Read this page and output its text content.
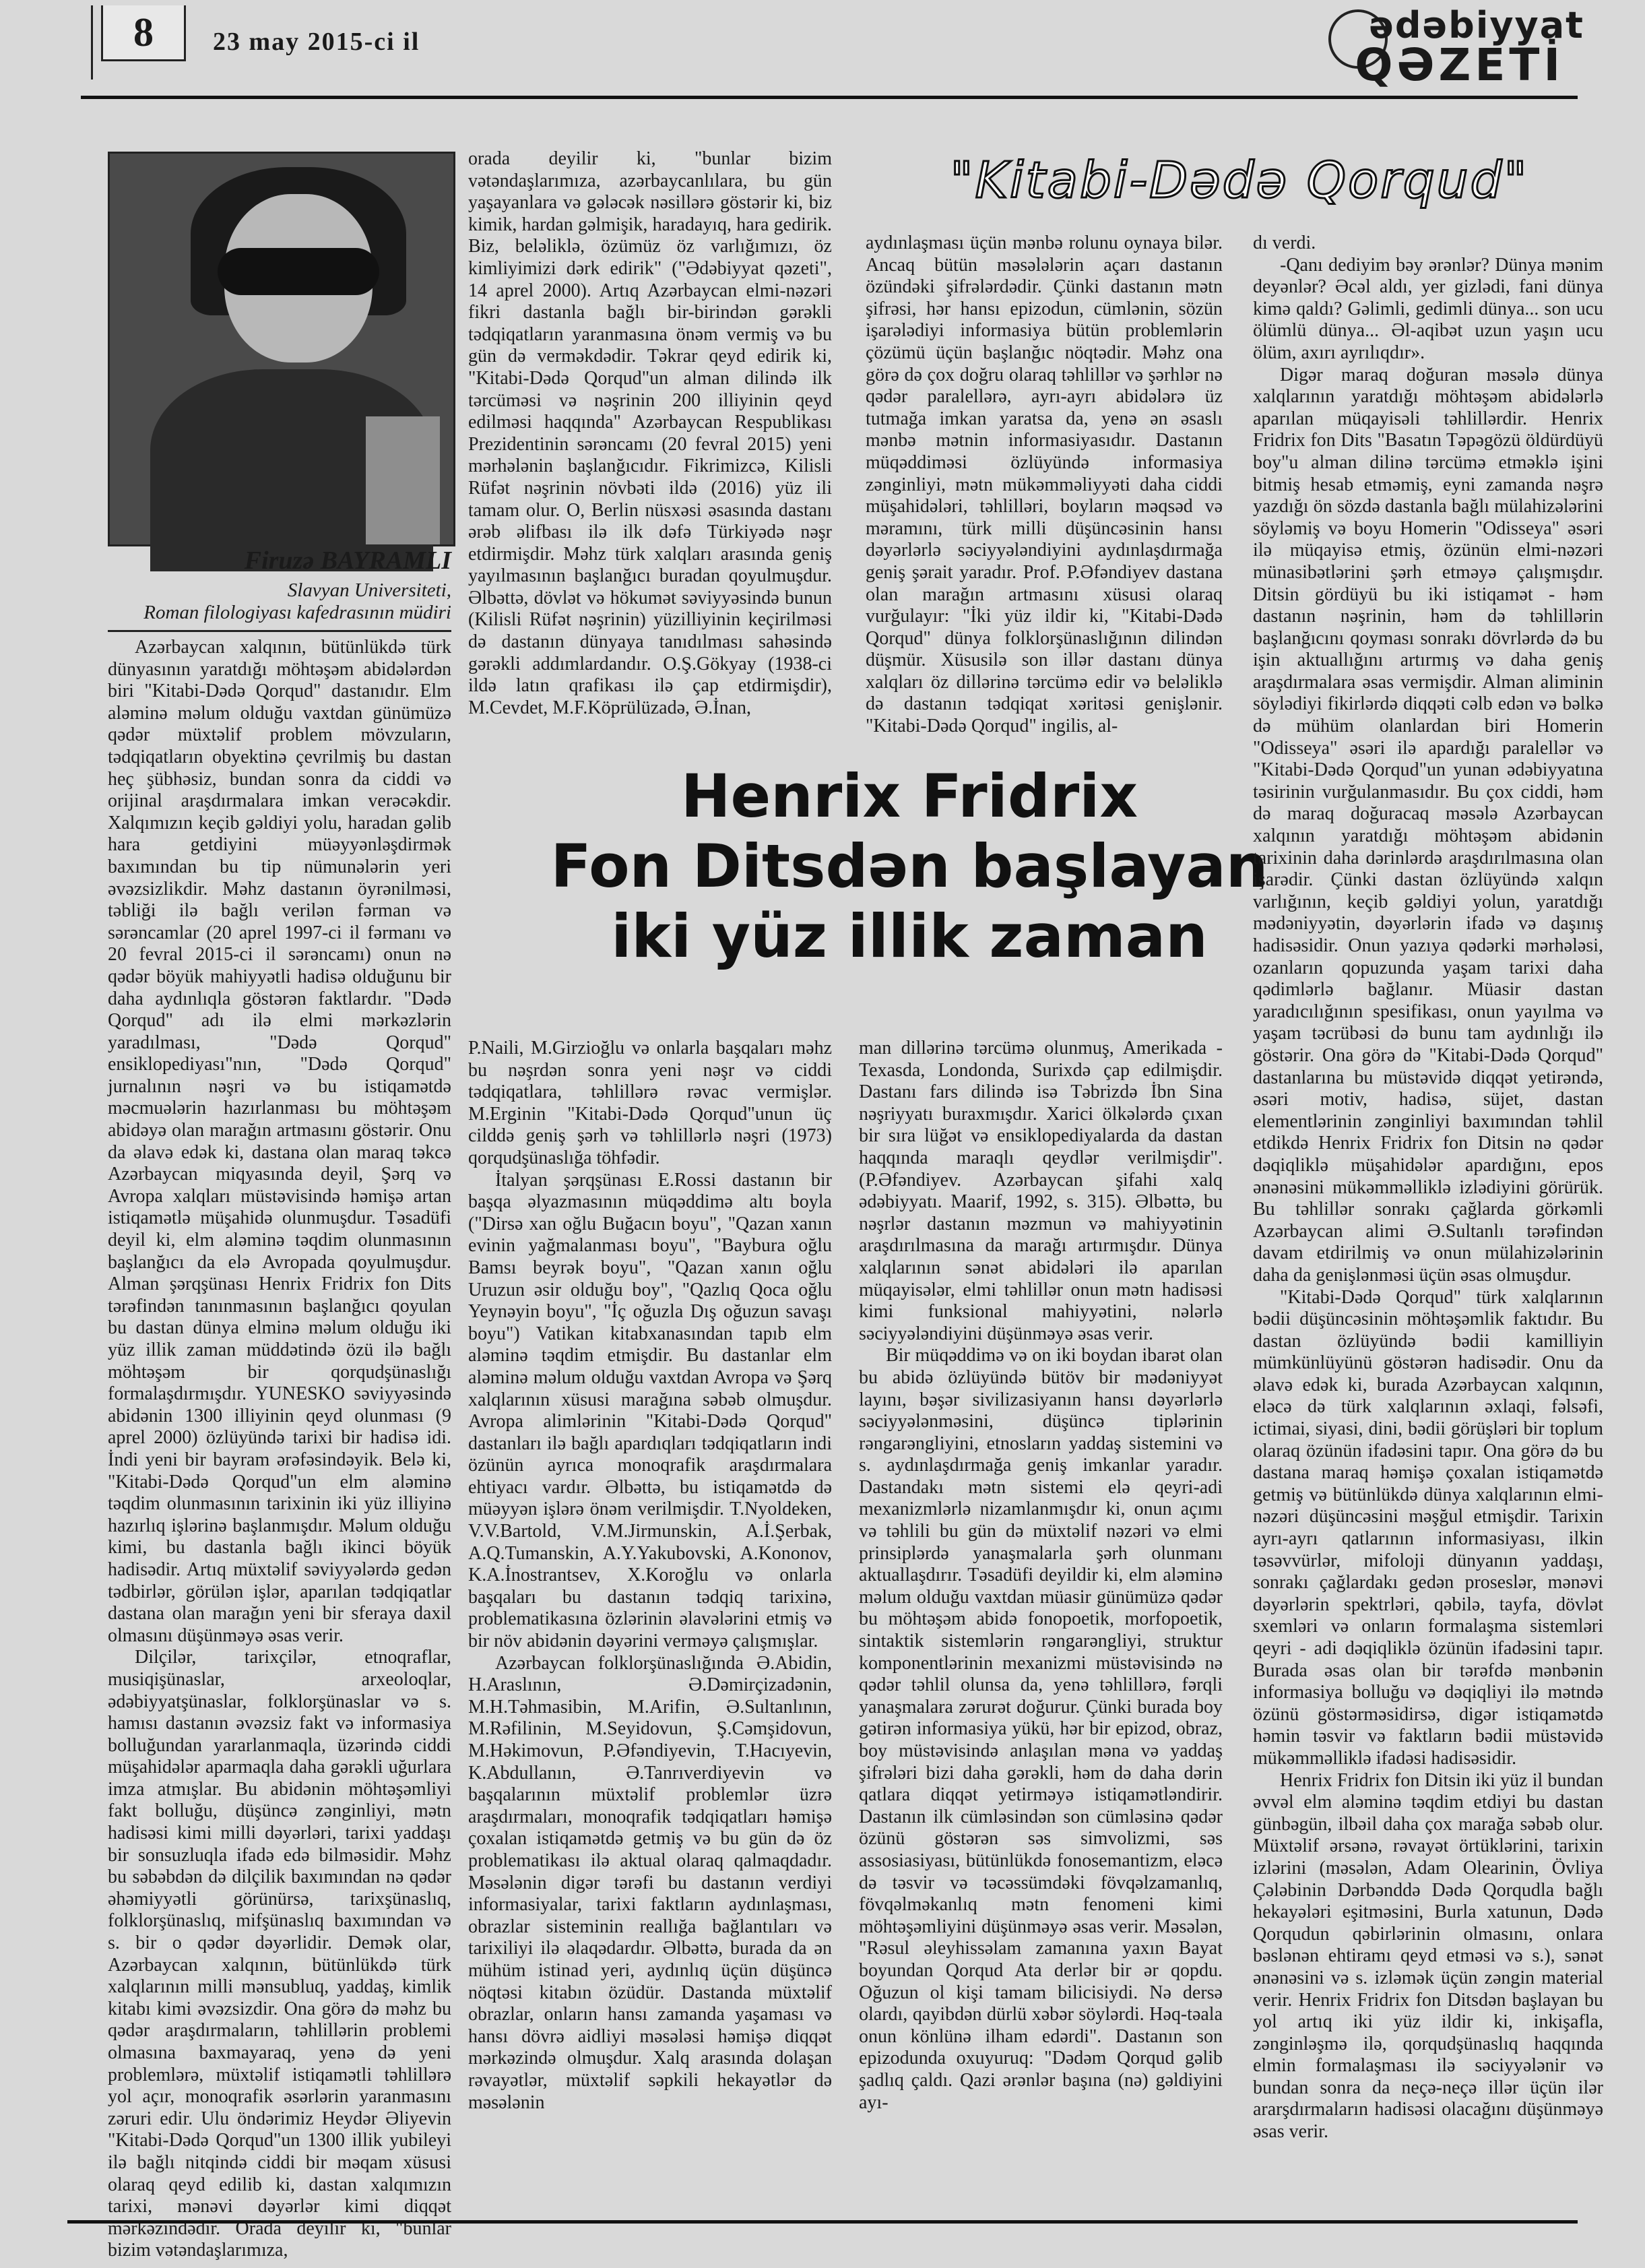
8	23 may 2015-ci il	ədəbiyyat
QƏZETİ
Firuzə BAYRAMLI
Slavyan Universiteti,
Roman filologiyası kafedrasının müdiri
"Kitabi-Dədə Qorqud"

Azərbaycan xalqının, bütünlükdə türk dünyasının yaratdığı möhtəşəm abidələrdən biri "Kitabi-Dədə Qorqud" dastanıdır. Elm aləminə məlum olduğu vaxtdan günümüzə qədər müxtəlif problem mövzuların, tədqiqatların obyektinə çevrilmiş bu dastan heç şübhəsiz, bundan sonra da ciddi və orijinal araşdırmalara imkan verəcəkdir. Xalqımızın keçib gəldiyi yolu, haradan gəlib hara getdiyini müəyyənləşdirmək baxımından bu tip nümunələrin yeri əvəzsizlikdir. Məhz dastanın öyrənilməsi, təbliği ilə bağlı verilən fərman və sərəncamlar (20 aprel 1997-ci il fərmanı və 20 fevral 2015-ci il sərəncamı) onun nə qədər böyük mahiyyətli hadisə olduğunu bir daha aydınlıqla göstərən faktlardır. "Dədə Qorqud" adı ilə elmi mərkəzlərin yaradılması, "Dədə Qorqud" ensiklopediyası"nın, "Dədə Qorqud" jurnalının nəşri və bu istiqamətdə məcmuələrin hazırlanması bu möhtəşəm abidəyə olan marağın artmasını göstərir. Onu da əlavə edək ki, dastana olan maraq təkcə Azərbaycan miqyasında deyil, Şərq və Avropa xalqları müstəvisində həmişə artan istiqamətlə müşahidə olunmuşdur. Təsadüfi deyil ki, elm aləminə təqdim olunmasının başlanğıcı da elə Avropada qoyulmuşdur. Alman şərqşünası Henrix Fridrix fon Dits tərəfindən tanınmasının başlanğıcı qoyulan bu dastan dünya elminə məlum olduğu iki yüz illik zaman müddətində özü ilə bağlı möhtəşəm bir qorqudşünaslığı formalaşdırmışdır. YUNESKO səviyyəsində abidənin 1300 illiyinin qeyd olunması (9 aprel 2000) özlüyündə tarixi bir hadisə idi. İndi yeni bir bayram ərəfəsindəyik. Belə ki, "Kitabi-Dədə Qorqud"un elm aləminə təqdim olunmasının tarixinin iki yüz illiyinə hazırlıq işlərinə başlanmışdır. Məlum olduğu kimi, bu dastanla bağlı ikinci böyük hadisədir. Artıq müxtəlif səviyyələrdə gedən tədbirlər, görülən işlər, aparılan tədqiqatlar dastana olan marağın yeni bir sferaya daxil olmasını düşünməyə əsas verir.

Dilçilər, tarixçilər, etnoqraflar, musiqişünaslar, arxeoloqlar, ədəbiyyatşünaslar, folklorşünaslar və s. hamısı dastanın əvəzsiz fakt və informasiya bolluğundan yararlanmaqla, üzərində ciddi müşahidələr aparmaqla daha gərəkli uğurlara imza atmışlar. Bu abidənin möhtəşəmliyi fakt bolluğu, düşüncə zənginliyi, mətn hadisəsi kimi milli dəyərləri, tarixi yaddaşı bir sonsuzluqla ifadə edə bilməsidir. Məhz bu səbəbdən də dilçilik baxımından nə qədər əhəmiyyətli görünürsə, tarixşünaslıq, folklorşünaslıq, mifşünaslıq baxımından və s. bir o qədər dəyərlidir. Demək olar, Azərbaycan xalqının, bütünlükdə türk xalqlarının milli mənsubluq, yaddaş, kimlik kitabı kimi əvəzsizdir. Ona görə də məhz bu qədər araşdırmaların, təhlillərin problemi olmasına baxmayaraq, yenə də yeni problemlərə, müxtəlif istiqamətli təhlillərə yol açır, monoqrafik əsərlərin yaranmasını zəruri edir. Ulu öndərimiz Heydər Əliyevin "Kitabi-Dədə Qorqud"un 1300 illik yubileyi ilə bağlı nitqində ciddi bir məqam xüsusi olaraq qeyd edilib ki, dastan xalqımızın tarixi, mənəvi dəyərlər kimi diqqət mərkəzindədir. Orada deyilir ki, "bunlar bizim vətəndaşlarımıza,

orada deyilir ki, "bunlar bizim vətəndaşlarımıza, azərbaycanlılara, bu gün yaşayanlara və gələcək nəsillərə göstərir ki, biz kimik, hardan gəlmişik, haradayıq, hara gedirik. Biz, beləliklə, özümüz öz varlığımızı, öz kimliyimizi dərk edirik" ("Ədəbiyyat qəzeti", 14 aprel 2000). Artıq Azərbaycan elmi-nəzəri fikri dastanla bağlı bir-birindən gərəkli tədqiqatların yaranmasına önəm vermiş və bu gün də verməkdədir. Təkrar qeyd edirik ki, "Kitabi-Dədə Qorqud"un alman dilində ilk tərcüməsi və nəşrinin 200 illiyinin qeyd edilməsi haqqında" Azərbaycan Respublikası Prezidentinin sərəncamı (20 fevral 2015) yeni mərhələnin başlanğıcıdır. Fikrimizcə, Kilisli Rüfət nəşrinin növbəti ildə (2016) yüz ili tamam olur. O, Berlin nüsxəsi əsasında dastanı ərəb əlifbası ilə ilk dəfə Türkiyədə nəşr etdirmişdir. Məhz türk xalqları arasında geniş yayılmasının başlanğıcı buradan qoyulmuşdur. Əlbəttə, dövlət və hökumət səviyyəsində bunun (Kilisli Rüfət nəşrinin) yüzilliyinin keçirilməsi də dastanın dünyaya tanıdılması sahəsində gərəkli addımlardandır. O.Ş.Gökyay (1938-ci ildə latın qrafikası ilə çap etdirmişdir), M.Cevdet, M.F.Köprülüzadə, Ə.İnan,

aydınlaşması üçün mənbə rolunu oynaya bilər. Ancaq bütün məsələlərin açarı dastanın özündəki şifrələrdədir. Çünki dastanın mətn şifrəsi, hər hansı epizodun, cümlənin, sözün işarələdiyi informasiya bütün problemlərin çözümü üçün başlanğıc nöqtədir. Məhz ona görə də çox doğru olaraq təhlillər və şərhlər nə qədər paralellərə, ayrı-ayrı abidələrə üz tutmağa imkan yaratsa da, yenə ən əsaslı mənbə mətnin informasiyasıdır. Dastanın müqəddiməsi özlüyündə informasiya zənginliyi, mətn mükəmməliyyəti daha ciddi müşahidələri, təhlilləri, boyların məqsəd və məramını, türk milli düşüncəsinin hansı dəyərlərlə səciyyələndiyini aydınlaşdırmağa geniş şərait yaradır. Prof. P.Əfəndiyev dastana olan marağın artmasını xüsusi olaraq vurğulayır: "İki yüz ildir ki, "Kitabi-Dədə Qorqud" dünya folklorşünaslığının dilindən düşmür. Xüsusilə son illər dastanı dünya xalqları öz dillərinə tərcümə edir və beləliklə də dastanın tədqiqat xəritəsi genişlənir. "Kitabi-Dədə Qorqud" ingilis, al-

Henrix Fridrix
Fon Ditsdən başlayan
iki yüz illik zaman

dı verdi.

-Qanı dediyim bəy ərənlər? Dünya mənim deyənlər? Əcəl aldı, yer gizlədi, fani dünya kimə qaldı? Gəlimli, gedimli dünya... son ucu ölümlü dünya... Əl-aqibət uzun yaşın ucu ölüm, axırı ayrılıqdır».

Digər maraq doğuran məsələ dünya xalqlarının yaratdığı möhtəşəm abidələrlə aparılan müqayisəli təhlillərdir. Henrix Fridrix fon Dits "Basatın Təpəgözü öldürdüyü boy"u alman dilinə tərcümə etməklə işini bitmiş hesab etməmiş, eyni zamanda nəşrə yazdığı ön sözdə dastanla bağlı mülahizələrini söyləmiş və boyu Homerin "Odisseya" əsəri ilə müqayisə etmiş, özünün elmi-nəzəri münasibətlərini şərh etməyə çalışmışdır. Ditsin gördüyü bu iki istiqamət - həm dastanın nəşrinin, həm də təhlillərin başlanğıcını qoyması sonrakı dövrlərdə də bu işin aktuallığını artırmış və daha geniş araşdırmalara əsas vermişdir. Alman aliminin söylədiyi fikirlərdə diqqəti cəlb edən və bəlkə də mühüm olanlardan biri Homerin "Odisseya" əsəri ilə apardığı paralellər və "Kitabi-Dədə Qorqud"un yunan ədəbiyyatına təsirinin vurğulanmasıdır. Bu çox ciddi, həm də maraq doğuracaq məsələ Azərbaycan xalqının yaratdığı möhtəşəm abidənin tarixinin daha dərinlərdə araşdırılmasına olan işarədir. Çünki dastan özlüyündə xalqın varlığının, keçib gəldiyi yolun, yaratdığı mədəniyyətin, dəyərlərin ifadə və daşınış hadisəsidir. Onun yazıya qədərki mərhələsi, ozanların qopuzunda yaşam tarixi daha qədimlərlə bağlanır. Müasir dastan yaradıcılığının spesifikası, onun yayılma və yaşam təcrübəsi də bunu tam aydınlığı ilə göstərir. Ona görə də "Kitabi-Dədə Qorqud" dastanlarına bu müstəvidə diqqət yetirəndə, əsəri motiv, hadisə, süjet, dastan elementlərinin zənginliyi baxımından təhlil etdikdə Henrix Fridrix fon Ditsin nə qədər dəqiqliklə müşahidələr apardığını, epos ənənəsini mükəmməlliklə izlədiyini görürük. Bu təhlillər sonrakı çağlarda görkəmli Azərbaycan alimi Ə.Sultanlı tərəfindən davam etdirilmiş və onun mülahizələrinin daha da genişlənməsi üçün əsas olmuşdur.

"Kitabi-Dədə Qorqud" türk xalqlarının bədii düşüncəsinin möhtəşəmlik faktıdır. Bu dastan özlüyündə bədii kamilliyin mümkünlüyünü göstərən hadisədir. Onu da əlavə edək ki, burada Azərbaycan xalqının, eləcə də türk xalqlarının əxlaqi, fəlsəfi, ictimai, siyasi, dini, bədii görüşləri bir toplum olaraq özünün ifadəsini tapır. Ona görə də bu dastana maraq həmişə çoxalan istiqamətdə getmiş və bütünlükdə dünya xalqlarının elmi-nəzəri düşüncəsini məşğul etmişdir. Tarixin ayrı-ayrı qatlarının informasiyası, ilkin təsəvvürlər, mifoloji dünyanın yaddaşı, sonrakı çağlardakı gedən proseslər, mənəvi dəyərlərin spektrləri, qəbilə, tayfa, dövlət sxemləri və onların formalaşma sistemləri qeyri - adi dəqiqliklə özünün ifadəsini tapır. Burada əsas olan bir tərəfdə mənbənin informasiya bolluğu və dəqiqliyi ilə mətndə özünü göstərməsidirsə, digər istiqamətdə həmin təsvir və faktların bədii müstəvidə mükəmməlliklə ifadəsi hadisəsidir.

Henrix Fridrix fon Ditsin iki yüz il bundan əvvəl elm aləminə təqdim etdiyi bu dastan günbəgün, ilbəil daha çox marağa səbəb olur. Müxtəlif ərsənə, rəvayət örtüklərini, tarixin izlərini (məsələn, Adam Olearinin, Övliya Çələbinin Dərbənddə Dədə Qorqudla bağlı hekayələri eşitməsini, Burla xatunun, Dədə Qorqudun qəbirlərinin olmasını, onlara bəslənən ehtiramı qeyd etməsi və s.), sənət ənənəsini və s. izləmək üçün zəngin material verir. Henrix Fridrix fon Ditsdən başlayan bu yol artıq iki yüz ildir ki, inkişafla, zənginləşmə ilə, qorqudşünaslıq haqqında elmin formalaşması ilə səciyyələnir və bundan sonra da neçə-neçə illər üçün ilər ararşdırmaların hadisəsi olacağını düşünməyə əsas verir.

P.Naili, M.Girzioğlu və onlarla başqaları məhz bu nəşrdən sonra yeni nəşr və ciddi tədqiqatlara, təhlillərə rəvac vermişlər. M.Erginin "Kitabi-Dədə Qorqud"unun üç cilddə geniş şərh və təhlillərlə nəşri (1973) qorqudşünaslığa töhfədir.

İtalyan şərqşünası E.Rossi dastanın bir başqa əlyazmasının müqəddimə altı boyla ("Dirsə xan oğlu Buğacın boyu", "Qazan xanın evinin yağmalanması boyu", "Bayburа oğlu Bamsı beyrək boyu", "Qazan xanın oğlu Uruzun əsir olduğu boy", "Qazlıq Qoca oğlu Yeynəyin boyu", "İç oğuzla Dış oğuzun savaşı boyu") Vatikan kitabxanasından tapıb elm aləminə təqdim etmişdir. Bu dastanlar elm aləminə məlum olduğu vaxtdan Avropa və Şərq xalqlarının xüsusi marağına səbəb olmuşdur. Avropa alimlərinin "Kitabi-Dədə Qorqud" dastanları ilə bağlı apardıqları tədqiqatların indi özünün ayrıca monoqrafik araşdırmalara ehtiyacı vardır. Əlbəttə, bu istiqamətdə də müəyyən işlərə önəm verilmişdir. T.Nyoldeken, V.V.Bartold, V.M.Jirmunskin, A.İ.Şerbak, A.Q.Tumanskin, A.Y.Yakubovski, A.Kononov, K.A.İnostrantsev, X.Koroğlu və onlarla başqaları bu dastanın tədqiq tarixinə, problematikasına özlərinin əlavələrini etmiş və bir növ abidənin dəyərini verməyə çalışmışlar.

Azərbaycan folklorşünaslığında Ə.Abidin, H.Araslının, Ə.Dəmirçizadənin, M.H.Təhmasibin, M.Arifin, Ə.Sultanlının, M.Rəfilinin, M.Seyidovun, Ş.Cəmşidovun, M.Həkimovun, P.Əfəndiyevin, T.Hacıyevin, K.Abdullanın, Ə.Tanrıverdiyevin və başqalarının müxtəlif problemlər üzrə araşdırmaları, monoqrafik tədqiqatları həmişə çoxalan istiqamətdə getmiş və bu gün də öz problematikası ilə aktual olaraq qalmaqdadır. Məsələnin digər tərəfi bu dastanın verdiyi informasiyalar, tarixi faktların aydınlaşması, obrazlar sisteminin reallığa bağlantıları və tarixiliyi ilə əlaqədardır. Əlbəttə, burada da ən mühüm istinad yeri, aydınlıq üçün düşüncə nöqtəsi kitabın özüdür. Dastanda müxtəlif obrazlar, onların hansı zamanda yaşaması və hansı dövrə aidliyi məsələsi həmişə diqqət mərkəzində olmuşdur. Xalq arasında dolaşan rəvayətlər, müxtəlif səpkili hekayətlər də məsələnin

man dillərinə tərcümə olunmuş, Amerikada - Texasda, Londonda, Surixdə çap edilmişdir. Dastanı fars dilində isə Təbrizdə İbn Sina nəşriyyatı buraxmışdır. Xarici ölkələrdə çıxan bir sıra lüğət və ensiklopediyalarda da dastan haqqında maraqlı qeydlər verilmişdir". (P.Əfəndiyev. Azərbaycan şifahi xalq ədəbiyyatı. Maarif, 1992, s. 315). Əlbəttə, bu nəşrlər dastanın məzmun və mahiyyətinin araşdırılmasına da marağı artırmışdır. Dünya xalqlarının sənət abidələri ilə aparılan müqayisələr, elmi təhlillər onun mətn hadisəsi kimi funksional mahiyyətini, nələrlə səciyyələndiyini düşünməyə əsas verir.

Bir müqəddimə və on iki boydan ibarət olan bu abidə özlüyündə bütöv bir mədəniyyət layını, bəşər sivilizasiyanın hansı dəyərlərlə səciyyələnməsini, düşüncə tiplərinin rəngarəngliyini, etnosların yaddaş sistemini və s. aydınlaşdırmağa geniş imkanlar yaradır. Dastandakı mətn sistemi elə qeyri-adi mexanizmlərlə nizamlanmışdır ki, onun açımı və təhlili bu gün də müxtəlif nəzəri və elmi prinsiplərdə yanaşmalarla şərh olunmanı aktuallaşdırır. Təsadüfi deyildir ki, elm aləminə məlum olduğu vaxtdan müasir günümüzə qədər bu möhtəşəm abidə fonopoetik, morfopoetik, sintaktik sistemlərin rəngarəngliyi, struktur komponentlərinin mexanizmi müstəvisində nə qədər təhlil olunsa da, yenə təhlillərə, fərqli yanaşmalara zərurət doğurur. Çünki burada boy gətirən informasiya yükü, hər bir epizod, obraz, boy müstəvisində anlaşılan məna və yaddaş şifrələri bizi daha gərəkli, həm də daha dərin qatlara diqqət yetirməyə istiqamətləndirir. Dastanın ilk cümləsindən son cümləsinə qədər özünü göstərən səs simvolizmi, səs assosiasiyası, bütünlükdə fonosemantizm, eləcə də təsvir və təcəssümdəki fövqəlzamanlıq, fövqəlməkanlıq mətn fenomeni kimi möhtəşəmliyini düşünməyə əsas verir. Məsələn, "Rəsul əleyhissəlam zamanına yaxın Bayat boyundan Qorqud Ata derlər bir ər qopdu. Oğuzun ol kişi tamam bilicisiydi. Nə dersə olardı, qayibdən dürlü xəbər söylərdi. Həq-təala onun könlünə ilham edərdi". Dastanın son epizodunda oxuyuruq: "Dədəm Qorqud gəlib şadlıq çaldı. Qazi ərənlər başına (nə) gəldiyini ayı-
